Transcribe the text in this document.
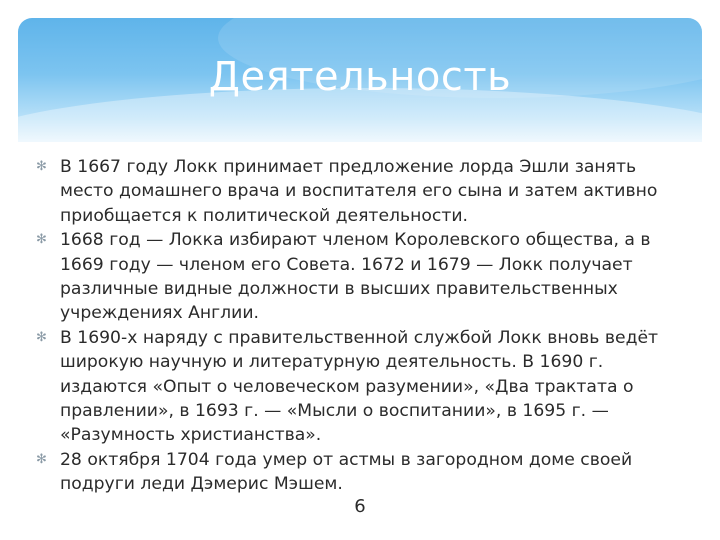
Деятельность

✻ В 1667 году Локк принимает предложение лорда Эшли занять место домашнего врача и воспитателя его сына и затем активно приобщается к политической деятельности.

✻ 1668 год — Локка избирают членом Королевского общества, а в 1669 году — членом его Совета. 1672 и 1679 — Локк получает различные видные должности в высших правительственных учреждениях Англии.

✻ В 1690-х наряду с правительственной службой Локк вновь ведёт широкую научную и литературную деятельность. В 1690 г. издаются «Опыт о человеческом разумении», «Два трактата о правлении», в 1693 г. — «Мысли о воспитании», в 1695 г. — «Разумность христианства».

✻ 28 октября 1704 года умер от астмы в загородном доме своей подруги леди Дэмерис Мэшем.

6
